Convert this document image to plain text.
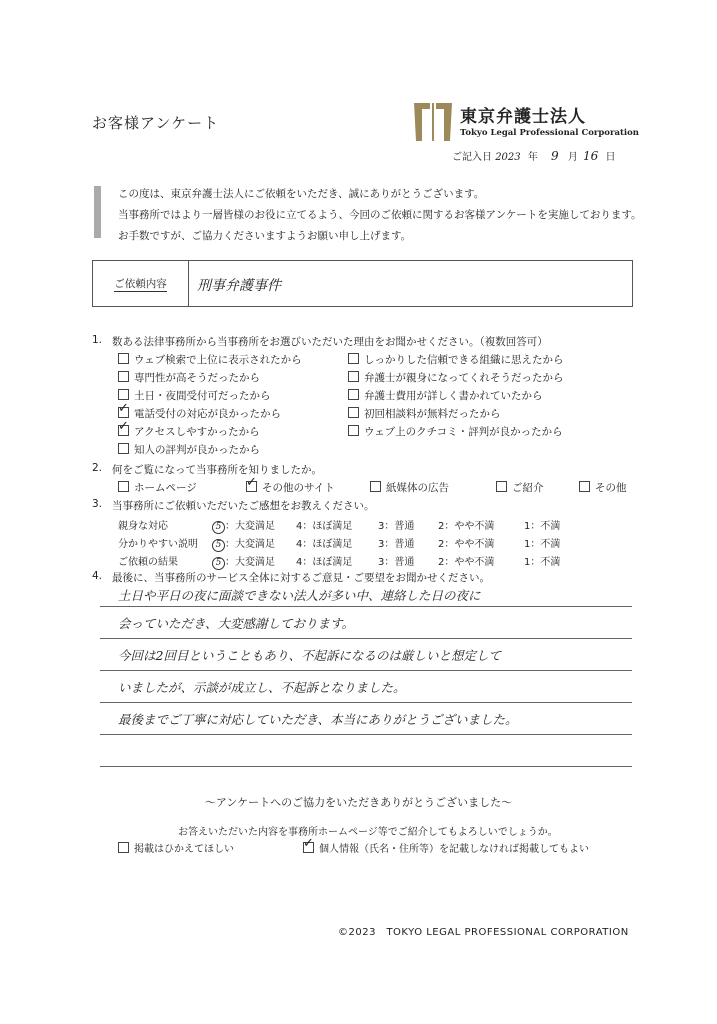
お客様アンケート	東京弁護士法人
Tokyo Legal Professional Corporation
ご記入日 2023 年 9 月 16 日
この度は、東京弁護士法人にご依頼をいただき、誠にありがとうございます。
当事務所ではより一層皆様のお役に立てるよう、今回のご依頼に関するお客様アンケートを実施しております。
お手数ですが、ご協力くださいますようお願い申し上げます。
ご依頼内容 刑事弁護事件
1. 数ある法律事務所から当事務所をお選びいただいた理由をお聞かせください。（複数回答可）
ウェブ検索で上位に表示されたから	しっかりした信頼できる組織に思えたから
専門性が高そうだったから	弁護士が親身になってくれそうだったから
土日・夜間受付可だったから	弁護士費用が詳しく書かれていたから
✓電話受付の対応が良かったから	初回相談料が無料だったから
✓アクセスしやすかったから	ウェブ上のクチコミ・評判が良かったから
知人の評判が良かったから
2. 何をご覧になって当事務所を知りましたか。
ホームページ ✓	その他のサイト	紙媒体の広告	ご紹介	その他
3. 当事務所にご依頼いただいたご感想をお教えください。
親身な対応	5 ：大変満足 4：ほぼ満足	3：普通 2：やや不満	1：不満
分かりやすい説明	5 ：大変満足 4：ほぼ満足	3：普通 2：やや不満	1：不満
ご依頼の結果	5 ：大変満足 4：ほぼ満足	3：普通 2：やや不満	1：不満
4. 最後に、当事務所のサービス全体に対するご意見・ご要望をお聞かせください。
土日や平日の夜に面談できない法人が多い中、連絡した日の夜に
会っていただき、大変感謝しております。
今回は2回目ということもあり、不起訴になるのは厳しいと想定して
いましたが、示談が成立し、不起訴となりました。
最後までご丁寧に対応していただき、本当にありがとうございました。
〜アンケートへのご協力をいただきありがとうございました〜
お答えいただいた内容を事務所ホームページ等でご紹介してもよろしいでしょうか。
掲載はひかえてほしい ✓	個人情報（氏名・住所等）を記載しなければ掲載してもよい
©2023　TOKYO LEGAL PROFESSIONAL CORPORATION
